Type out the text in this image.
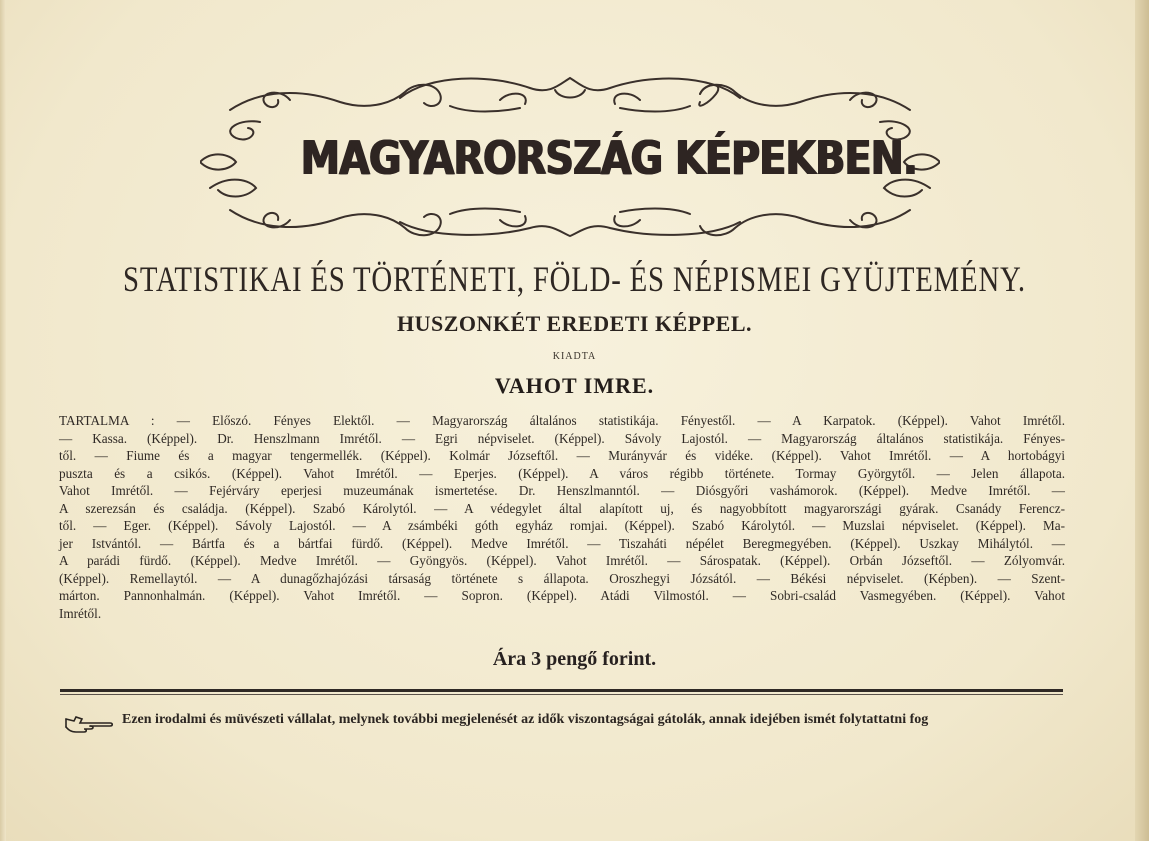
MAGYARORSZÁG KÉPEKBEN.
STATISTIKAI ÉS TÖRTÉNETI, FÖLD- ÉS NÉPISMEI GYÜJTEMÉNY.
HUSZONKÉT EREDETI KÉPPEL.
KIADTA
VAHOT IMRE.
TARTALMA : — Előszó. Fényes Elektől. — Magyarország általános statistikája. Fényestől. — A Karpatok. (Képpel). Vahot Imrétől.
— Kassa. (Képpel). Dr. Henszlmann Imrétől. — Egri népviselet. (Képpel). Sávoly Lajostól. — Magyarország általános statistikája. Fényes-
től. — Fiume és a magyar tengermellék. (Képpel). Kolmár Józseftől. — Murányvár és vidéke. (Képpel). Vahot Imrétől. — A hortobágyi
puszta és a csikós. (Képpel). Vahot Imrétől. — Eperjes. (Képpel). A város régibb története. Tormay Györgytől. — Jelen állapota.
Vahot Imrétől. — Fejérváry eperjesi muzeumának ismertetése. Dr. Henszlmanntól. — Diósgyőri vashámorok. (Képpel). Medve Imrétől. —
A szerezsán és családja. (Képpel). Szabó Károlytól. — A védegylet által alapított uj, és nagyobbított magyarországi gyárak. Csanády Ferencz-
től. — Eger. (Képpel). Sávoly Lajostól. — A zsámbéki góth egyház romjai. (Képpel). Szabó Károlytól. — Muzslai népviselet. (Képpel). Ma-
jer Istvántól. — Bártfa és a bártfai fürdő. (Képpel). Medve Imrétől. — Tiszaháti népélet Beregmegyében. (Képpel). Uszkay Mihálytól. —
A parádi fürdő. (Képpel). Medve Imrétől. — Gyöngyös. (Képpel). Vahot Imrétől. — Sárospatak. (Képpel). Orbán Józseftől. — Zólyomvár.
(Képpel). Remellaytól. — A dunagőzhajózási társaság története s állapota. Oroszhegyi Józsától. — Békési népviselet. (Képben). — Szent-
márton. Pannonhalmán. (Képpel). Vahot Imrétől. — Sopron. (Képpel). Atádi Vilmostól. — Sobri-család Vasmegyében. (Képpel). Vahot
Imrétől.
Ára 3 pengő forint.
Ezen irodalmi és müvészeti vállalat, melynek további megjelenését az idők viszontagságai gátolák, annak idejében ismét folytattatni fog
